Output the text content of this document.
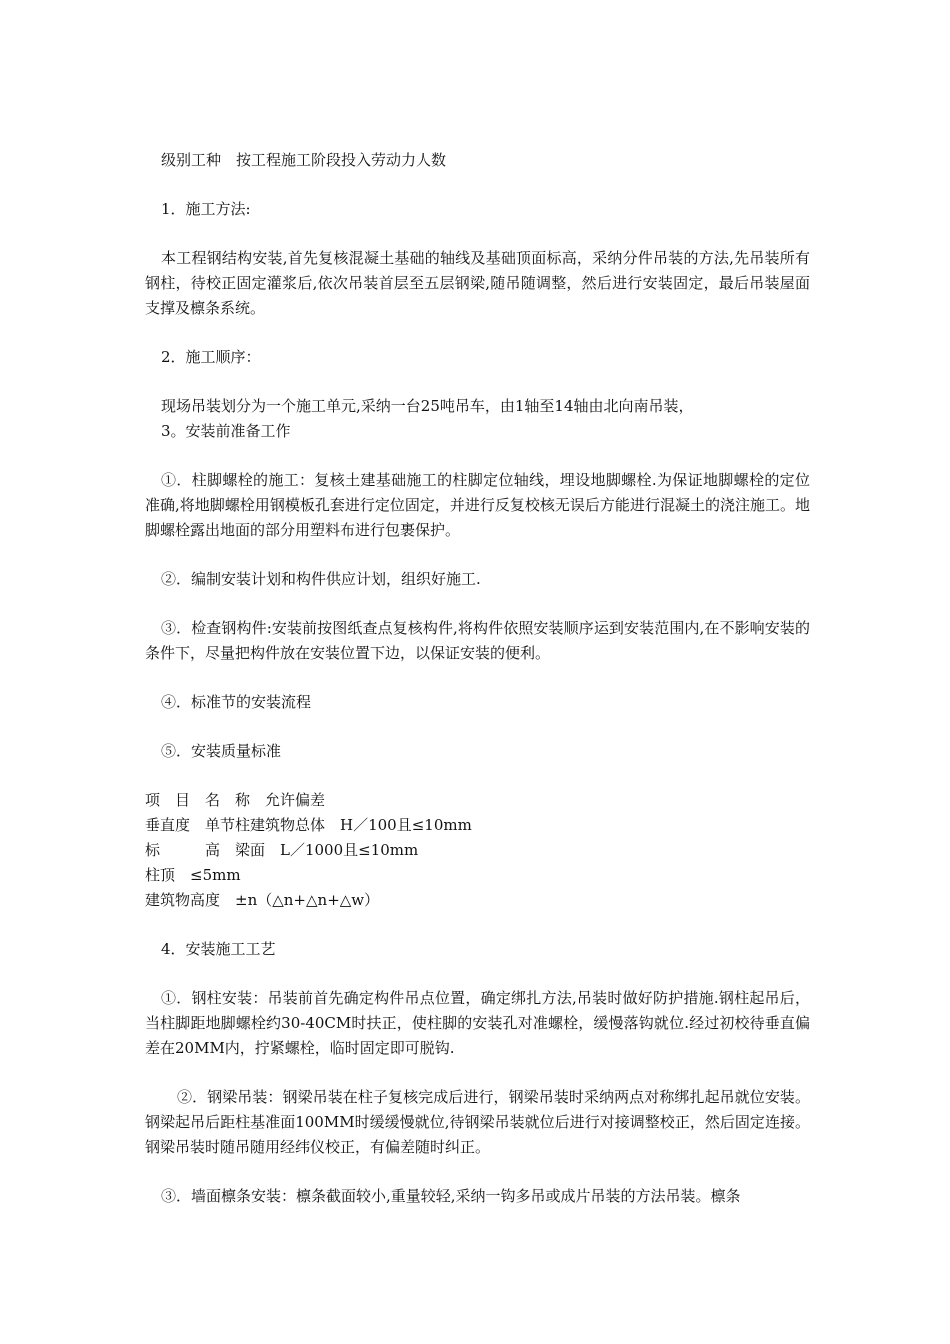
级别工种　按工程施工阶段投入劳动力人数

1．施工方法:

本工程钢结构安装,首先复核混凝土基础的轴线及基础顶面标高，采纳分件吊装的方法,先吊装所有钢柱，待校正固定灌浆后,依次吊装首层至五层钢梁,随吊随调整，然后进行安装固定，最后吊装屋面支撑及檩条系统。

2．施工顺序：

现场吊装划分为一个施工单元,采纳一台25吨吊车，由1轴至14轴由北向南吊装，

3。安装前准备工作

①．柱脚螺栓的施工：复核土建基础施工的柱脚定位轴线，埋设地脚螺栓.为保证地脚螺栓的定位准确,将地脚螺栓用钢模板孔套进行定位固定，并进行反复校核无误后方能进行混凝土的浇注施工。地脚螺栓露出地面的部分用塑料布进行包裹保护。

②．编制安装计划和构件供应计划，组织好施工.

③．检查钢构件:安装前按图纸查点复核构件,将构件依照安装顺序运到安装范围内,在不影响安装的条件下，尽量把构件放在安装位置下边，以保证安装的便利。

④．标准节的安装流程

⑤．安装质量标准

项　目　名　称　允许偏差

垂直度　单节柱建筑物总体　H／100且≤10mm

标　　　高　梁面　L／1000且≤10mm

柱顶　≤5mm

建筑物高度　±n（△n+△n+△w）

4．安装施工工艺

①．钢柱安装：吊装前首先确定构件吊点位置，确定绑扎方法,吊装时做好防护措施.钢柱起吊后，当柱脚距地脚螺栓约30-40CM时扶正，使柱脚的安装孔对准螺栓，缓慢落钩就位.经过初校待垂直偏差在20MM内，拧紧螺栓，临时固定即可脱钩.

②．钢梁吊装：钢梁吊装在柱子复核完成后进行，钢梁吊装时采纳两点对称绑扎起吊就位安装。钢梁起吊后距柱基准面100MM时缓缓慢就位,待钢梁吊装就位后进行对接调整校正，然后固定连接。钢梁吊装时随吊随用经纬仪校正，有偏差随时纠正。

③．墙面檩条安装：檩条截面较小,重量较轻,采纳一钩多吊或成片吊装的方法吊装。檩条
